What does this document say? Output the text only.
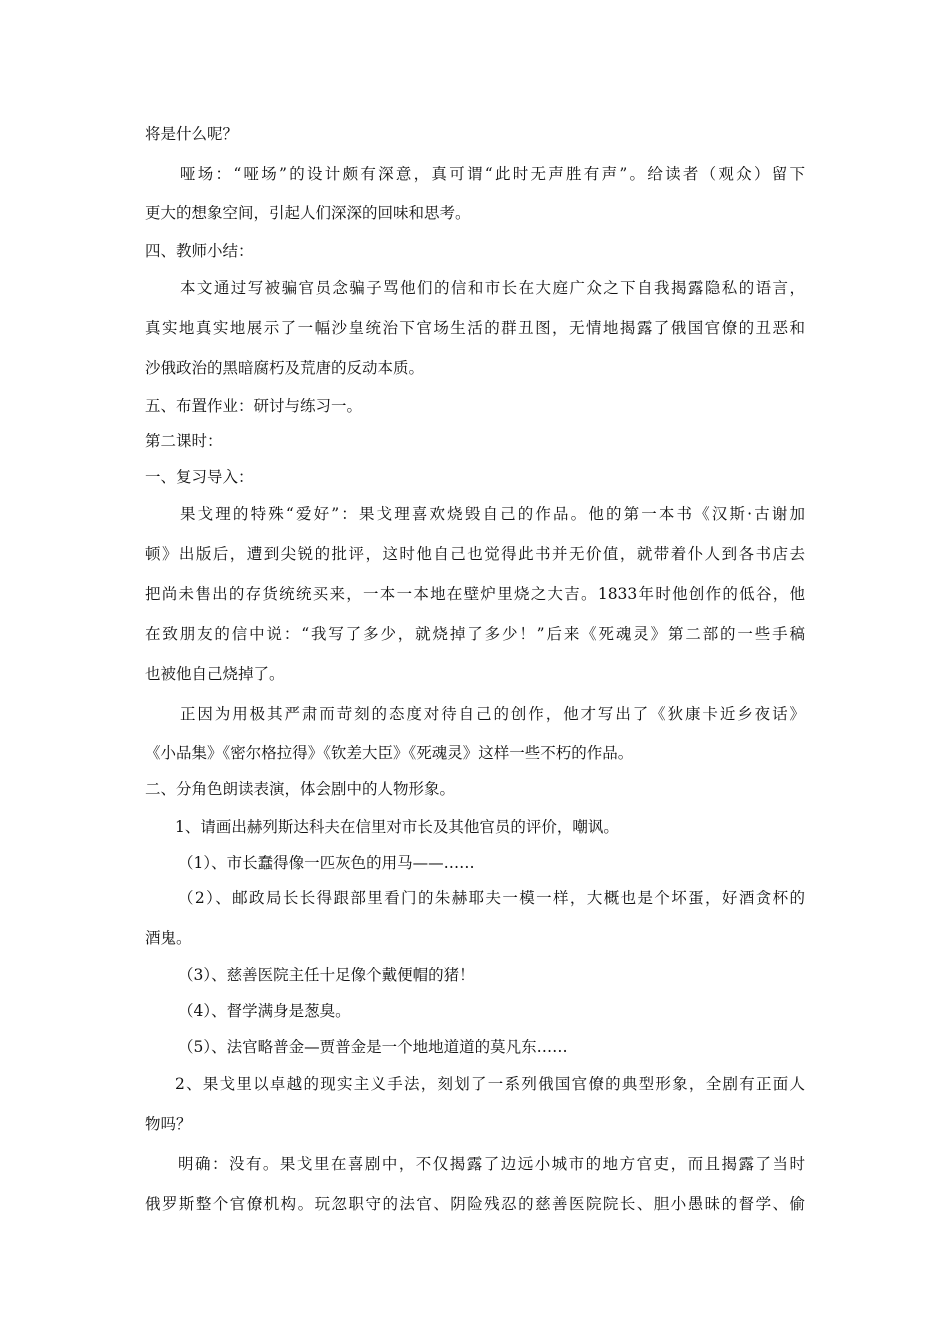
将是什么呢？
哑场：“哑场”的设计颇有深意，真可谓“此时无声胜有声”。给读者（观众）留下
更大的想象空间，引起人们深深的回味和思考。
四、教师小结：
本文通过写被骗官员念骗子骂他们的信和市长在大庭广众之下自我揭露隐私的语言，
真实地真实地展示了一幅沙皇统治下官场生活的群丑图，无情地揭露了俄国官僚的丑恶和
沙俄政治的黑暗腐朽及荒唐的反动本质。
五、布置作业：研讨与练习一。
第二课时：
一、复习导入：
果戈理的特殊“爱好”：果戈理喜欢烧毁自己的作品。他的第一本书《汉斯·古谢加
顿》出版后，遭到尖锐的批评，这时他自己也觉得此书并无价值，就带着仆人到各书店去
把尚未售出的存货统统买来，一本一本地在壁炉里烧之大吉。1833年时他创作的低谷，他
在致朋友的信中说：“我写了多少，就烧掉了多少！”后来《死魂灵》第二部的一些手稿
也被他自己烧掉了。
正因为用极其严肃而苛刻的态度对待自己的创作，他才写出了《狄康卡近乡夜话》
《小品集》《密尔格拉得》《钦差大臣》《死魂灵》这样一些不朽的作品。
二、分角色朗读表演，体会剧中的人物形象。
1、请画出赫列斯达科夫在信里对市长及其他官员的评价，嘲讽。
（1）、市长蠢得像一匹灰色的用马——……
（2）、邮政局长长得跟部里看门的朱赫耶夫一模一样，大概也是个坏蛋，好酒贪杯的
酒鬼。
（3）、慈善医院主任十足像个戴便帽的猪！
（4）、督学满身是葱臭。
（5）、法官略普金—贾普金是一个地地道道的莫凡东……
2、果戈里以卓越的现实主义手法，刻划了一系列俄国官僚的典型形象，全剧有正面人
物吗？
明确：没有。果戈里在喜剧中，不仅揭露了边远小城市的地方官吏，而且揭露了当时
俄罗斯整个官僚机构。玩忽职守的法官、阴险残忍的慈善医院院长、胆小愚昧的督学、偷
